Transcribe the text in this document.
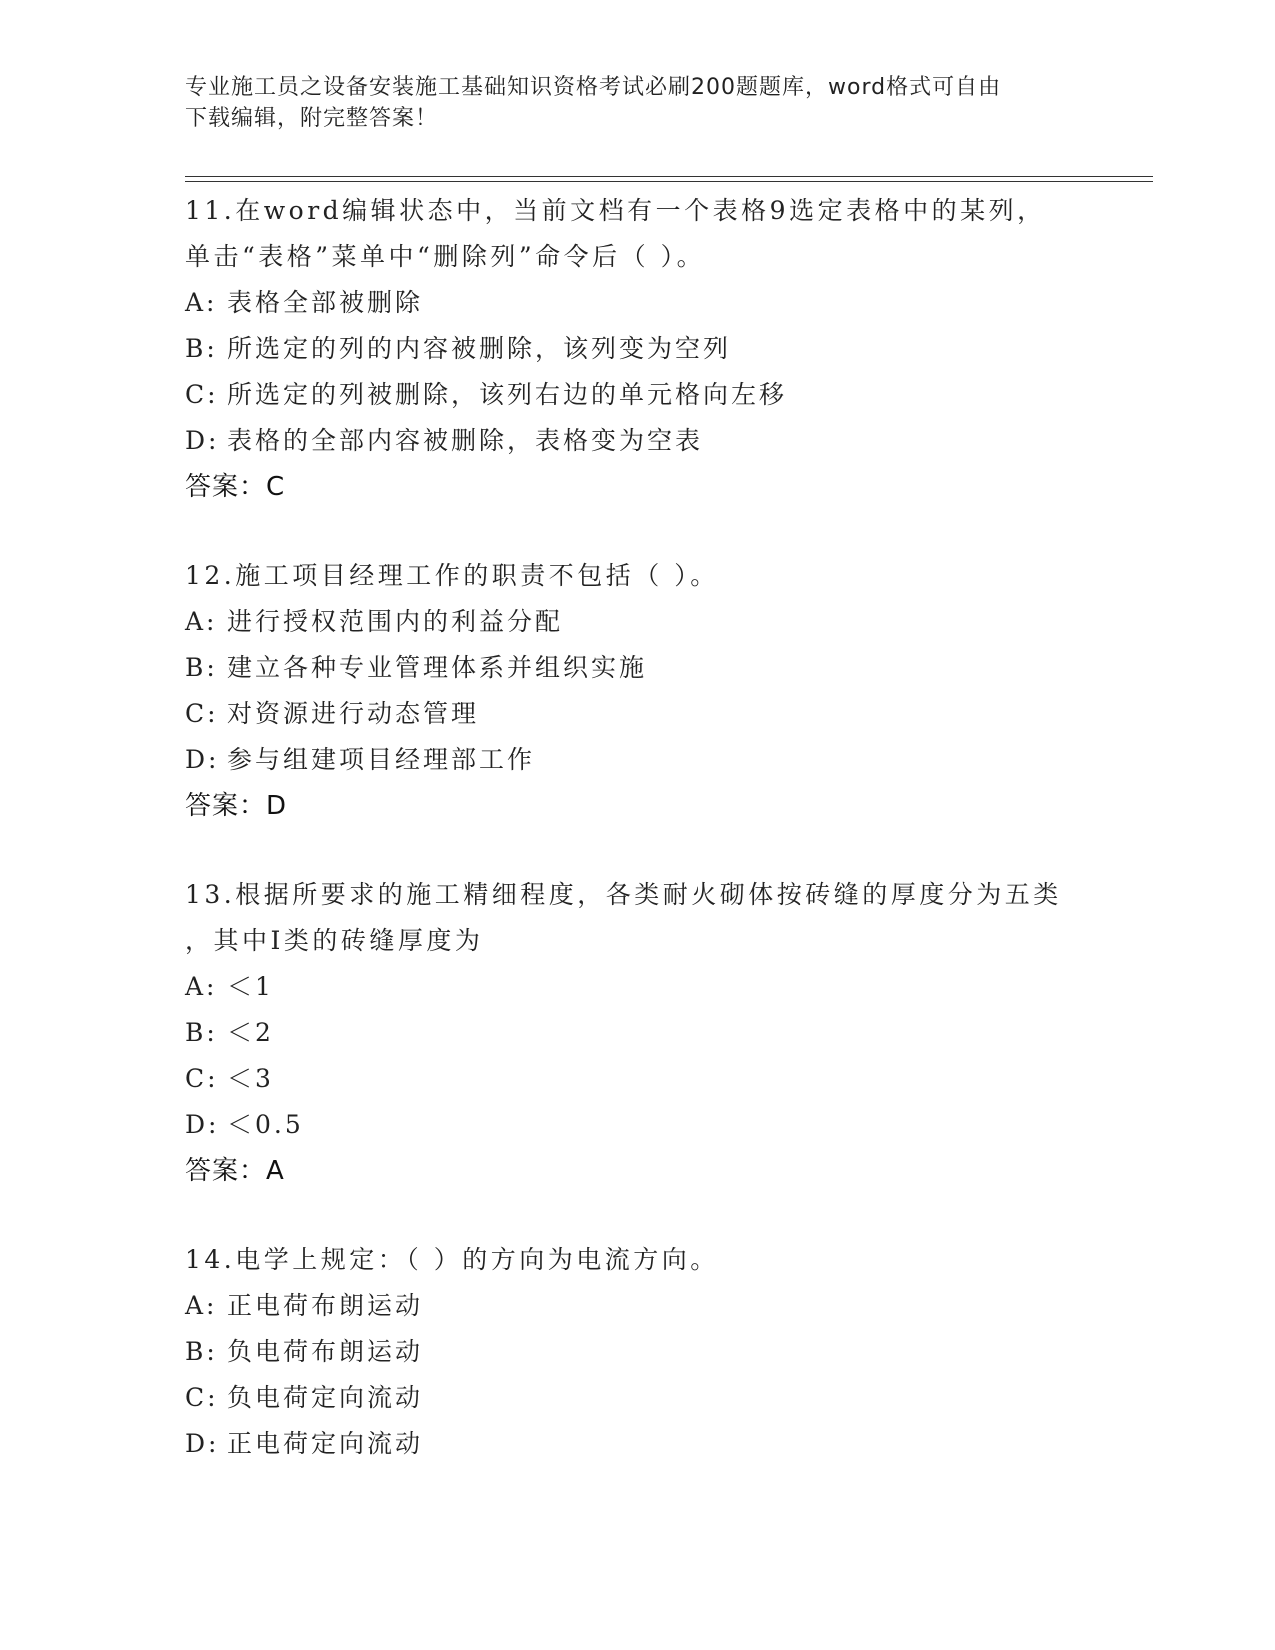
专业施工员之设备安装施工基础知识资格考试必刷200题题库，word格式可自由
下载编辑，附完整答案！
11.在word编辑状态中，当前文档有一个表格9选定表格中的某列，
单击“表格”菜单中“删除列”命令后（ ）。
A: 表格全部被删除
B: 所选定的列的内容被删除，该列变为空列
C: 所选定的列被删除，该列右边的单元格向左移
D: 表格的全部内容被删除，表格变为空表
答案：C
12.施工项目经理工作的职责不包括（ ）。
A: 进行授权范围内的利益分配
B: 建立各种专业管理体系并组织实施
C: 对资源进行动态管理
D: 参与组建项目经理部工作
答案：D
13.根据所要求的施工精细程度，各类耐火砌体按砖缝的厚度分为五类
，其中Ⅰ类的砖缝厚度为
A: ＜1
B: ＜2
C: ＜3
D: ＜0.5
答案：A
14.电学上规定：（ ）的方向为电流方向。
A: 正电荷布朗运动
B: 负电荷布朗运动
C: 负电荷定向流动
D: 正电荷定向流动
